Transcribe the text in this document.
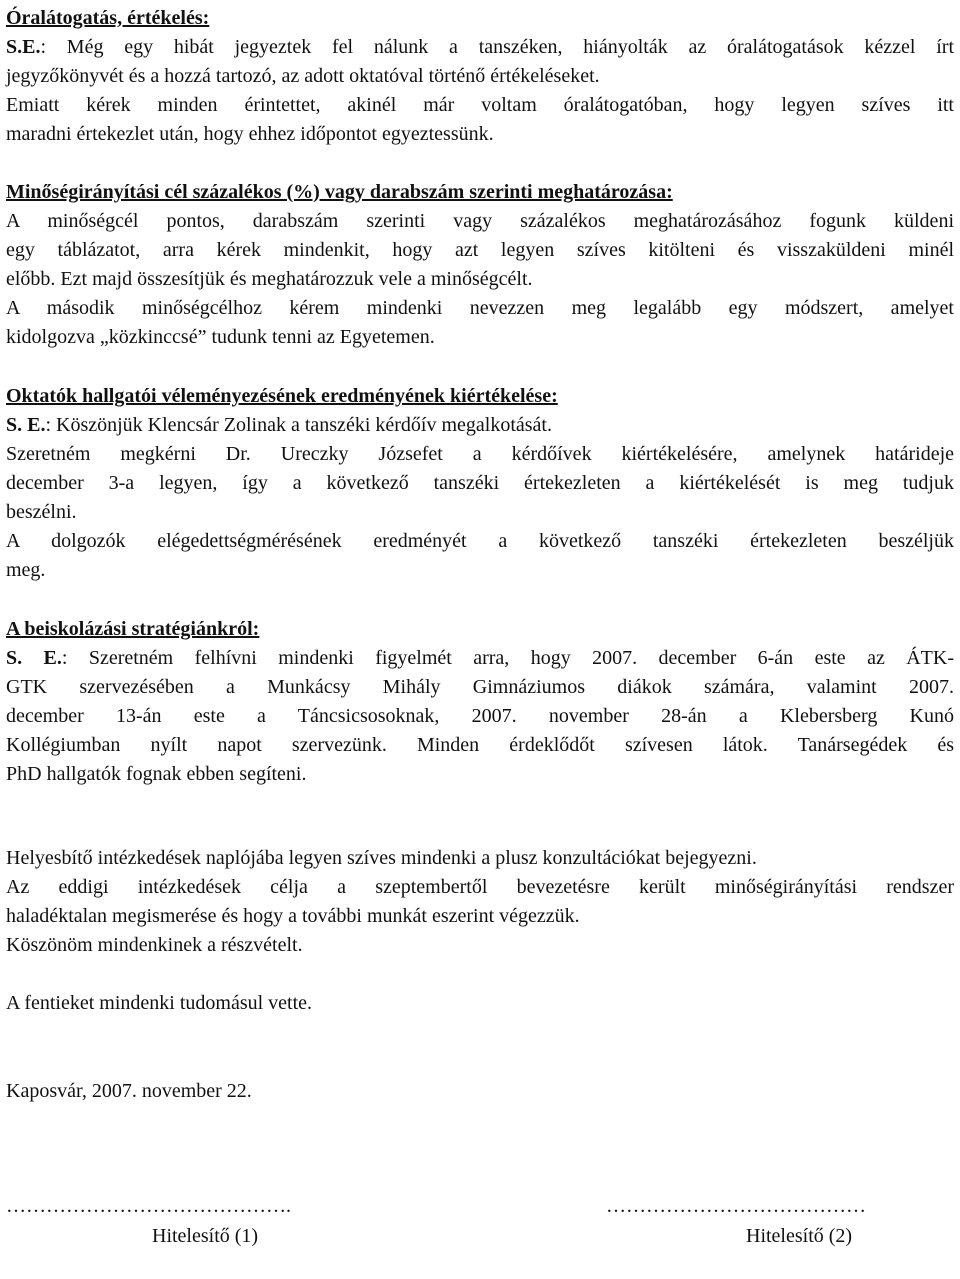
Óralátogatás, értékelés:
S.E.: Még egy hibát jegyeztek fel nálunk a tanszéken, hiányolták az óralátogatások kézzel írt
jegyzőkönyvét és a hozzá tartozó, az adott oktatóval történő értékeléseket.
Emiatt kérek minden érintettet, akinél már voltam óralátogatóban, hogy legyen szíves itt
maradni értekezlet után, hogy ehhez időpontot egyeztessünk.
Minőségirányítási cél százalékos (%) vagy darabszám szerinti meghatározása:
A minőségcél pontos, darabszám szerinti vagy százalékos meghatározásához fogunk küldeni
egy táblázatot, arra kérek mindenkit, hogy azt legyen szíves kitölteni és visszaküldeni minél
előbb. Ezt majd összesítjük és meghatározzuk vele a minőségcélt.
A második minőségcélhoz kérem mindenki nevezzen meg legalább egy módszert, amelyet
kidolgozva „közkinccsé” tudunk tenni az Egyetemen.
Oktatók hallgatói véleményezésének eredményének kiértékelése:
S. E.: Köszönjük Klencsár Zolinak a tanszéki kérdőív megalkotását.
Szeretném megkérni Dr. Ureczky Józsefet a kérdőívek kiértékelésére, amelynek határideje
december 3-a legyen, így a következő tanszéki értekezleten a kiértékelését is meg tudjuk
beszélni.
A dolgozók elégedettségmérésének eredményét a következő tanszéki értekezleten beszéljük
meg.
A beiskolázási stratégiánkról:
S. E.: Szeretném felhívni mindenki figyelmét arra, hogy 2007. december 6-án este az ÁTK-
GTK szervezésében a Munkácsy Mihály Gimnáziumos diákok számára, valamint 2007.
december 13-án este a Táncsicsosoknak, 2007. november 28-án a Klebersberg Kunó
Kollégiumban nyílt napot szervezünk. Minden érdeklődőt szívesen látok. Tanársegédek és
PhD hallgatók fognak ebben segíteni.
Helyesbítő intézkedések naplójába legyen szíves mindenki a plusz konzultációkat bejegyezni.
Az eddigi intézkedések célja a szeptembertől bevezetésre került minőségirányítási rendszer
haladéktalan megismerése és hogy a további munkát eszerint végezzük.
Köszönöm mindenkinek a részvételt.
A fentieket mindenki tudomásul vette.
Kaposvár, 2007. november 22.
…………………………………….	…………………………………
Hitelesítő (1)	Hitelesítő (2)
